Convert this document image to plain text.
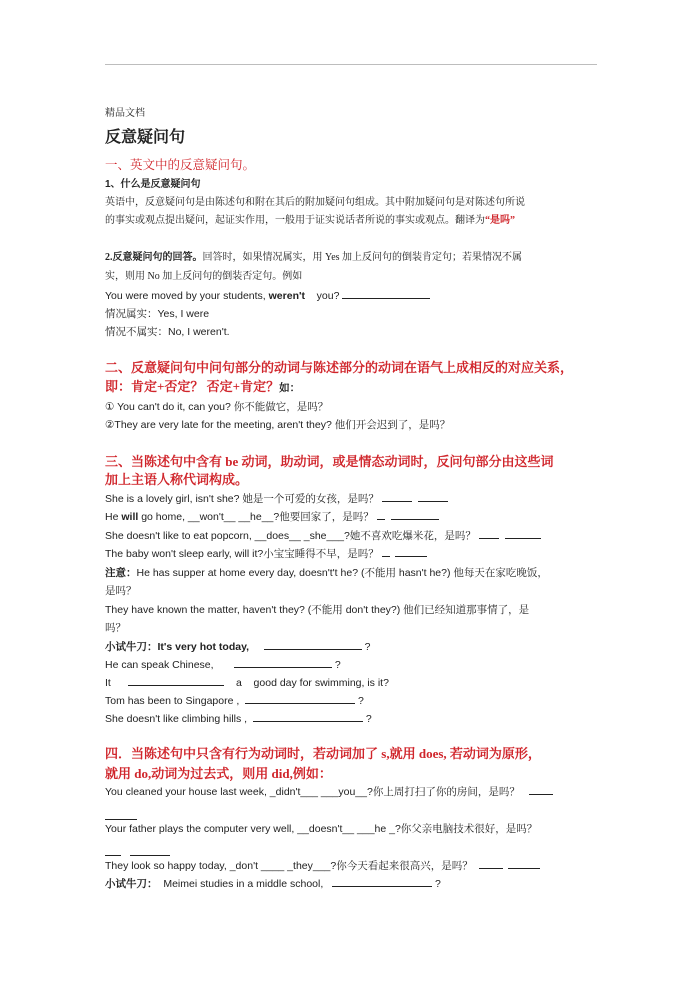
精品文档
反意疑问句
一、英文中的反意疑问句。
1、什么是反意疑问句
英语中，反意疑问句是由陈述句和附在其后的附加疑问句组成。其中附加疑问句是对陈述句所说
的事实或观点提出疑问，起证实作用，一般用于证实说话者所说的事实或观点。翻译为“是吗”
2.反意疑问句的回答。回答时，如果情况属实，用 Yes 加上反问句的倒装肯定句；若果情况不属
实，则用 No 加上反问句的倒装否定句。例如
You were moved by your students, weren't you?
情况属实：Yes, I were
情况不属实：No, I weren't.
二、反意疑问句中问句部分的动词与陈述部分的动词在语气上成相反的对应关系，
即：肯定+否定？ 否定+肯定？如：
① You can't do it, can you? 你不能做它，是吗？
②They are very late for the meeting, aren't they? 他们开会迟到了，是吗？
三、当陈述句中含有 be 动词，助动词，或是情态动词时，反问句部分由这些词
加上主语人称代词构成。
She is a lovely girl, isn't she? 她是一个可爱的女孩，是吗？
He will go home, __won't__ __he__?他要回家了，是吗？
She doesn't like to eat popcorn, __does__ _she___?她不喜欢吃爆米花，是吗？
The baby won't sleep early, will it?小宝宝睡得不早，是吗？
注意：He has supper at home every day, doesn't't he? (不能用 hasn't he?) 他每天在家吃晚饭，
是吗？
They have known the matter, haven't they? (不能用 don't they?) 他们已经知道那事情了，是
吗？
小试牛刀：It's very hot today,	?
He can speak Chinese,	?
It	a good day for swimming, is it?
Tom has been to Singapore ,	?
She doesn't like climbing hills ,	?
四．当陈述句中只含有行为动词时，若动词加了 s,就用 does, 若动词为原形，
就用 do,动词为过去式，则用 did,例如：
You cleaned your house last week, _didn't___ ___you__?你上周打扫了你的房间，是吗？
Your father plays the computer very well, __doesn't__ ___he _?你父亲电脑技术很好，是吗？

They look so happy today, _don't ____ _they___?你今天看起来很高兴，是吗？
小试牛刀： Meimei studies in a middle school,	?
